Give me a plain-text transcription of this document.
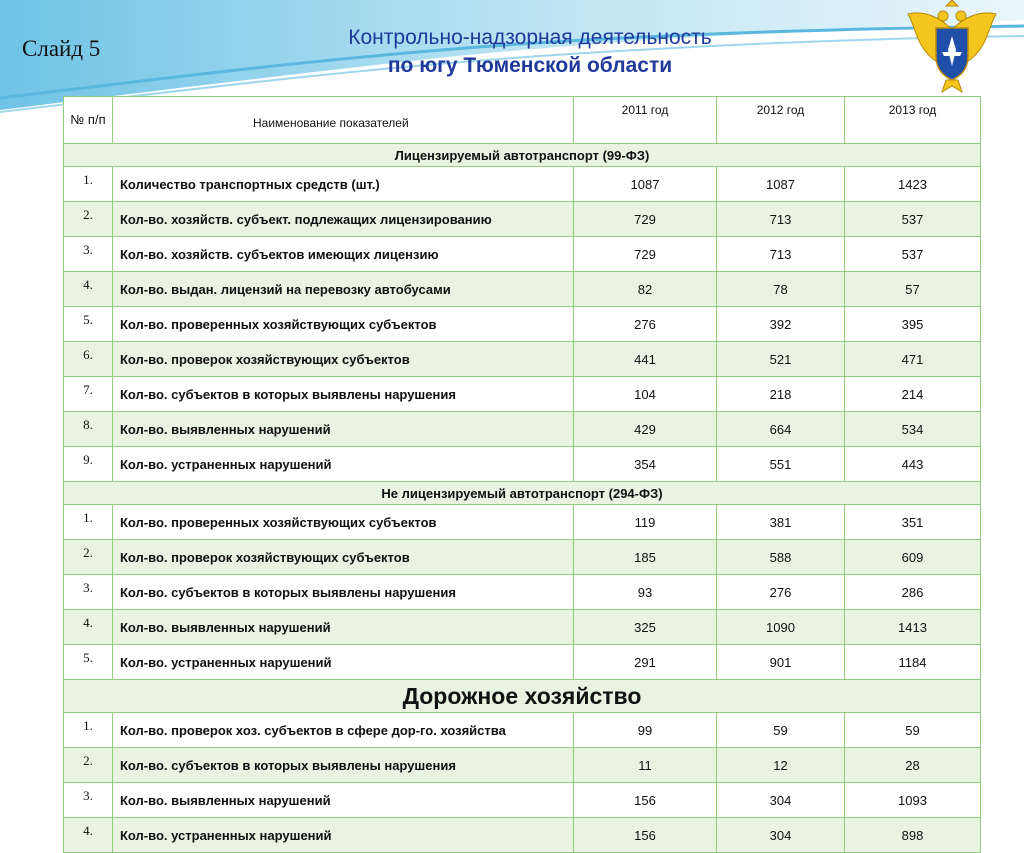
Слайд 5	Контрольно-надзорная деятельность
по югу Тюменской области
№ п/п	Наименование показателей	2011 год	2012 год	2013 год
Лицензируемый автотранспорт (99-ФЗ)				
1.	Количество транспортных средств (шт.)	1087	1087	1423
2.	Кол-во. хозяйств. субъект. подлежащих лицензированию	729	713	537
3.	Кол-во. хозяйств. субъектов имеющих лицензию	729	713	537
4.	Кол-во. выдан. лицензий на перевозку автобусами	82	78	57
5.	Кол-во. проверенных хозяйствующих субъектов	276	392	395
6.	Кол-во. проверок хозяйствующих субъектов	441	521	471
7.	Кол-во. субъектов в которых выявлены нарушения	104	218	214
8.	Кол-во. выявленных нарушений	429	664	534
9.	Кол-во. устраненных нарушений	354	551	443
Не лицензируемый автотранспорт (294-ФЗ)				
1.	Кол-во. проверенных хозяйствующих субъектов	119	381	351
2.	Кол-во. проверок хозяйствующих субъектов	185	588	609
3.	Кол-во. субъектов в которых выявлены нарушения	93	276	286
4.	Кол-во. выявленных нарушений	325	1090	1413
5.	Кол-во. устраненных нарушений	291	901	1184
Дорожное хозяйство				
1.	Кол-во. проверок хоз. субъектов в сфере дор-го. хозяйства	99	59	59
2.	Кол-во. субъектов в которых выявлены нарушения	11	12	28
3.	Кол-во. выявленных нарушений	156	304	1093
4.	Кол-во. устраненных нарушений	156	304	898
